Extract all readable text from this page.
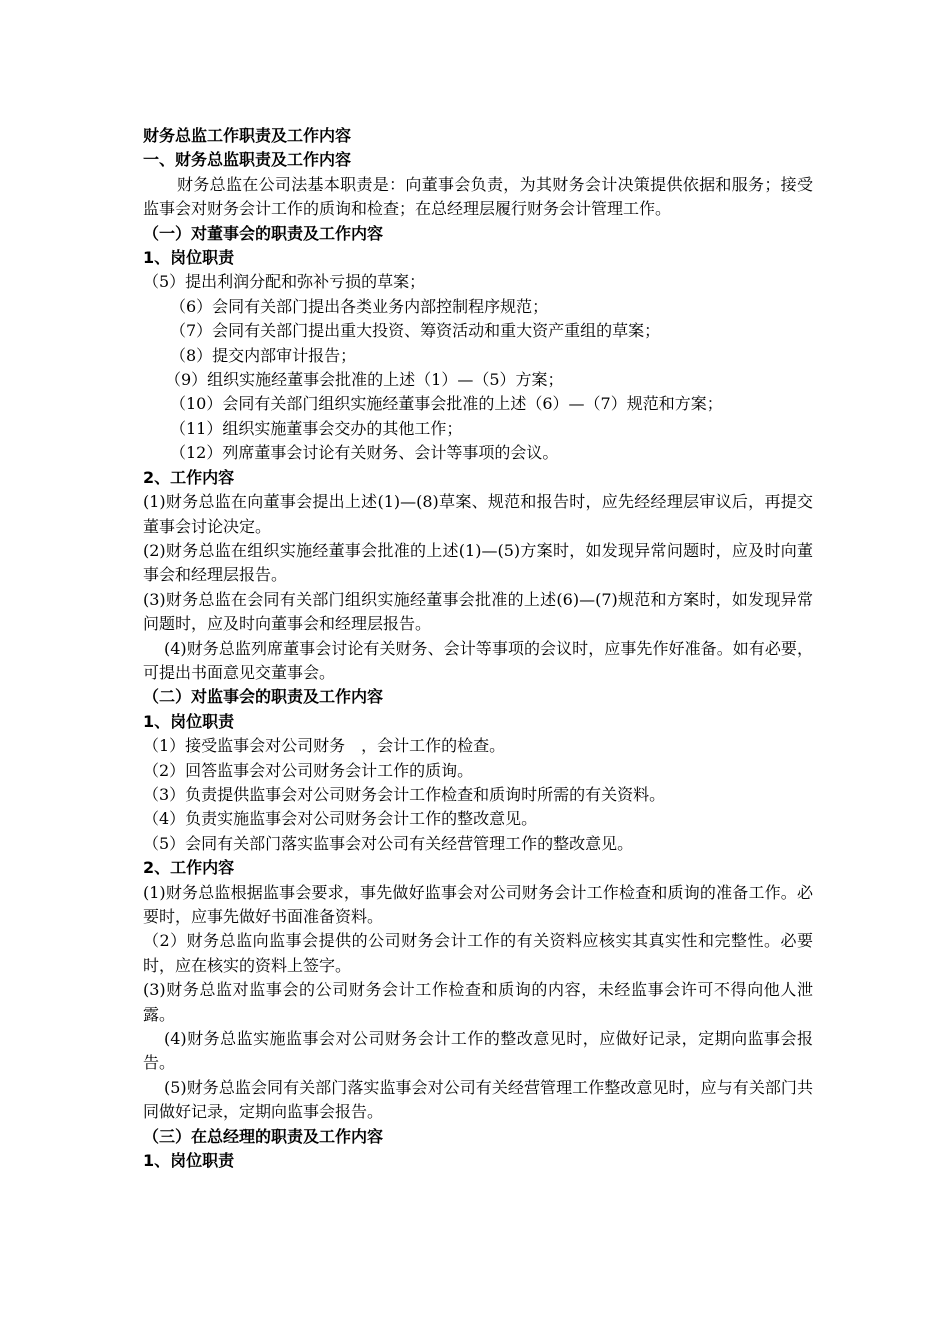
财务总监工作职责及工作内容

一、财务总监职责及工作内容

财务总监在公司法基本职责是：向董事会负责，为其财务会计决策提供依据和服务；接受监事会对财务会计工作的质询和检查；在总经理层履行财务会计管理工作。

（一）对董事会的职责及工作内容

1、岗位职责

（5）提出利润分配和弥补亏损的草案；

（6）会同有关部门提出各类业务内部控制程序规范；

（7）会同有关部门提出重大投资、筹资活动和重大资产重组的草案；

（8）提交内部审计报告；

（9）组织实施经董事会批准的上述（1）—（5）方案；

（10）会同有关部门组织实施经董事会批准的上述（6）—（7）规范和方案；

（11）组织实施董事会交办的其他工作；

（12）列席董事会讨论有关财务、会计等事项的会议。

2、工作内容

(1)财务总监在向董事会提出上述(1)—(8)草案、规范和报告时，应先经经理层审议后，再提交董事会讨论决定。

(2)财务总监在组织实施经董事会批准的上述(1)—(5)方案时，如发现异常问题时，应及时向董事会和经理层报告。

(3)财务总监在会同有关部门组织实施经董事会批准的上述(6)—(7)规范和方案时，如发现异常问题时，应及时向董事会和经理层报告。

(4)财务总监列席董事会讨论有关财务、会计等事项的会议时，应事先作好准备。如有必要，可提出书面意见交董事会。

（二）对监事会的职责及工作内容

1、岗位职责

（1）接受监事会对公司财务　，会计工作的检查。

（2）回答监事会对公司财务会计工作的质询。

（3）负责提供监事会对公司财务会计工作检查和质询时所需的有关资料。

（4）负责实施监事会对公司财务会计工作的整改意见。

（5）会同有关部门落实监事会对公司有关经营管理工作的整改意见。

2、工作内容

(1)财务总监根据监事会要求，事先做好监事会对公司财务会计工作检查和质询的准备工作。必要时，应事先做好书面准备资料。

（2）财务总监向监事会提供的公司财务会计工作的有关资料应核实其真实性和完整性。必要时，应在核实的资料上签字。

(3)财务总监对监事会的公司财务会计工作检查和质询的内容，未经监事会许可不得向他人泄露。

(4)财务总监实施监事会对公司财务会计工作的整改意见时，应做好记录，定期向监事会报告。

(5)财务总监会同有关部门落实监事会对公司有关经营管理工作整改意见时，应与有关部门共同做好记录，定期向监事会报告。

（三）在总经理的职责及工作内容

1、岗位职责
